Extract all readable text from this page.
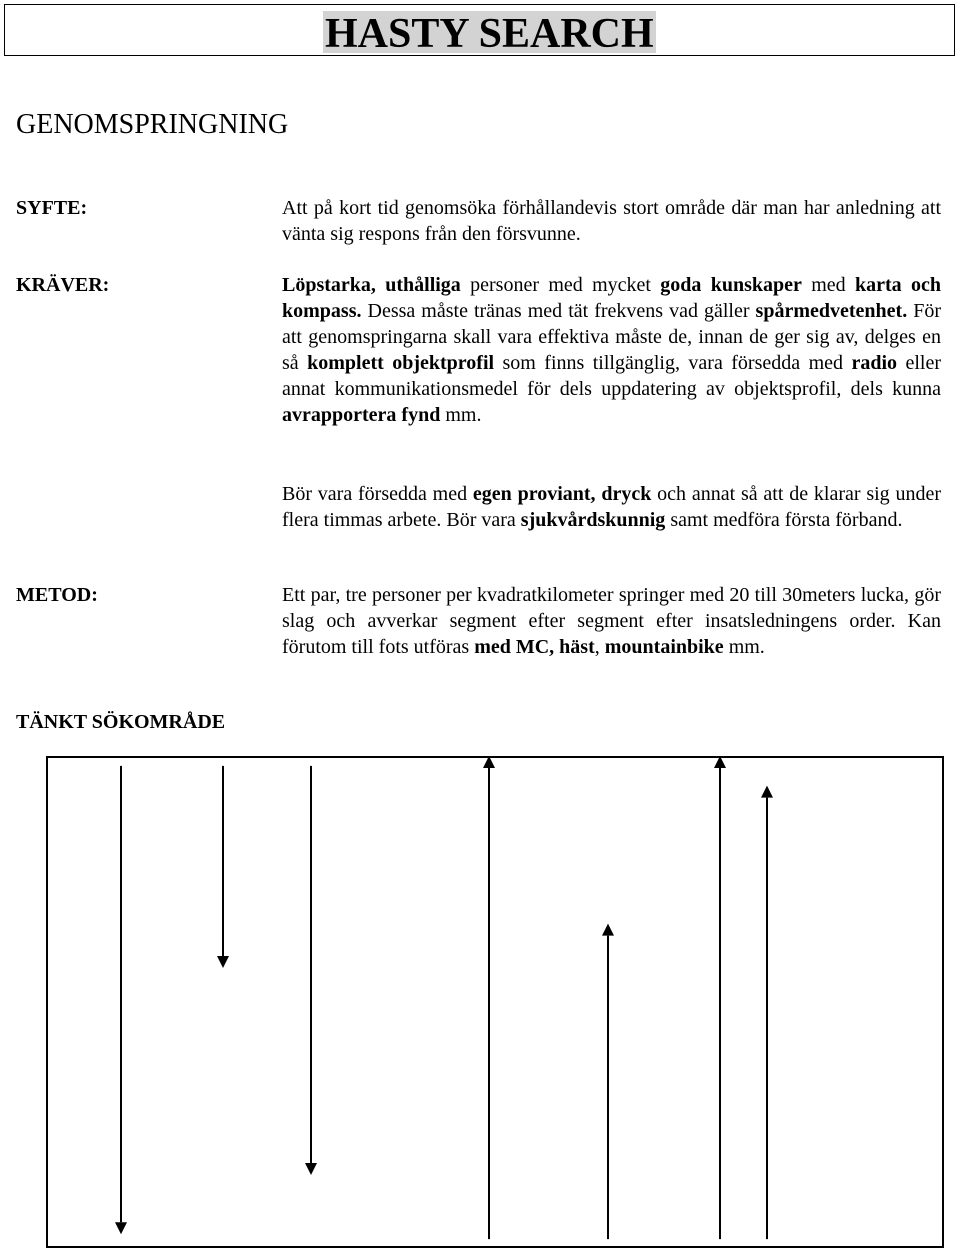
HASTY SEARCH
GENOMSPRINGNING
SYFTE:	Att på kort tid genomsöka förhållandevis stort område där man har anledning att vänta sig respons från den försvunne.

KRÄVER:	Löpstarka, uthålliga personer med mycket goda kunskaper med karta och kompass. Dessa måste tränas med tät frekvens vad gäller spårmedvetenhet. För att genomspringarna skall vara effektiva måste de, innan de ger sig av, delges en så komplett objektprofil som finns tillgänglig, vara försedda med radio eller annat kommunikationsmedel för dels uppdatering av objektsprofil, dels kunna avrapportera fynd mm.

Bör vara försedda med egen proviant, dryck och annat så att de klarar sig under flera timmas arbete. Bör vara sjukvårdskunnig samt medföra första förband.

METOD:	Ett par, tre personer per kvadratkilometer springer med 20 till 30meters lucka, gör slag och avverkar segment efter segment efter insatsledningens order. Kan förutom till fots utföras med MC, häst, mountainbike mm.

TÄNKT SÖKOMRÅDE
